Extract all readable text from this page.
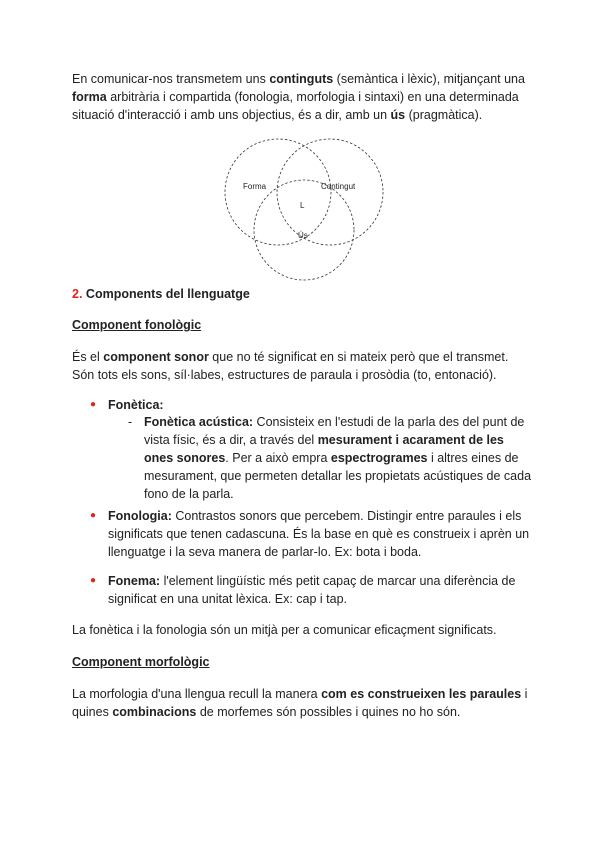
En comunicar-nos transmetem uns continguts (semàntica i lèxic), mitjançant una forma arbitrària i compartida (fonologia, morfologia i sintaxi) en una determinada situació d'interacció i amb uns objectius, és a dir, amb un ús (pragmàtica).

Forma	Contingut
L
Ús

2. Components del llenguatge

Component fonològic

És el component sonor que no té significat en si mateix però que el transmet. Són tots els sons, síl·labes, estructures de paraula i prosòdia (to, entonació).

● Fonètica:
- Fonètica acústica: Consisteix en l'estudi de la parla des del punt de vista físic, és a dir, a través del mesurament i acarament de les ones sonores. Per a això empra espectrogrames i altres eines de mesurament, que permeten detallar les propietats acústiques de cada fono de la parla.
● Fonologia: Contrastos sonors que percebem. Distingir entre paraules i els significats que tenen cadascuna. És la base en què es construeix i aprèn un llenguatge i la seva manera de parlar-lo. Ex: bota i boda.
● Fonema: l'element lingüístic més petit capaç de marcar una diferència de significat en una unitat lèxica. Ex: cap i tap.

La fonètica i la fonologia són un mitjà per a comunicar eficaçment significats.

Component morfològic

La morfologia d'una llengua recull la manera com es construeixen les paraules i quines combinacions de morfemes són possibles i quines no ho són.
